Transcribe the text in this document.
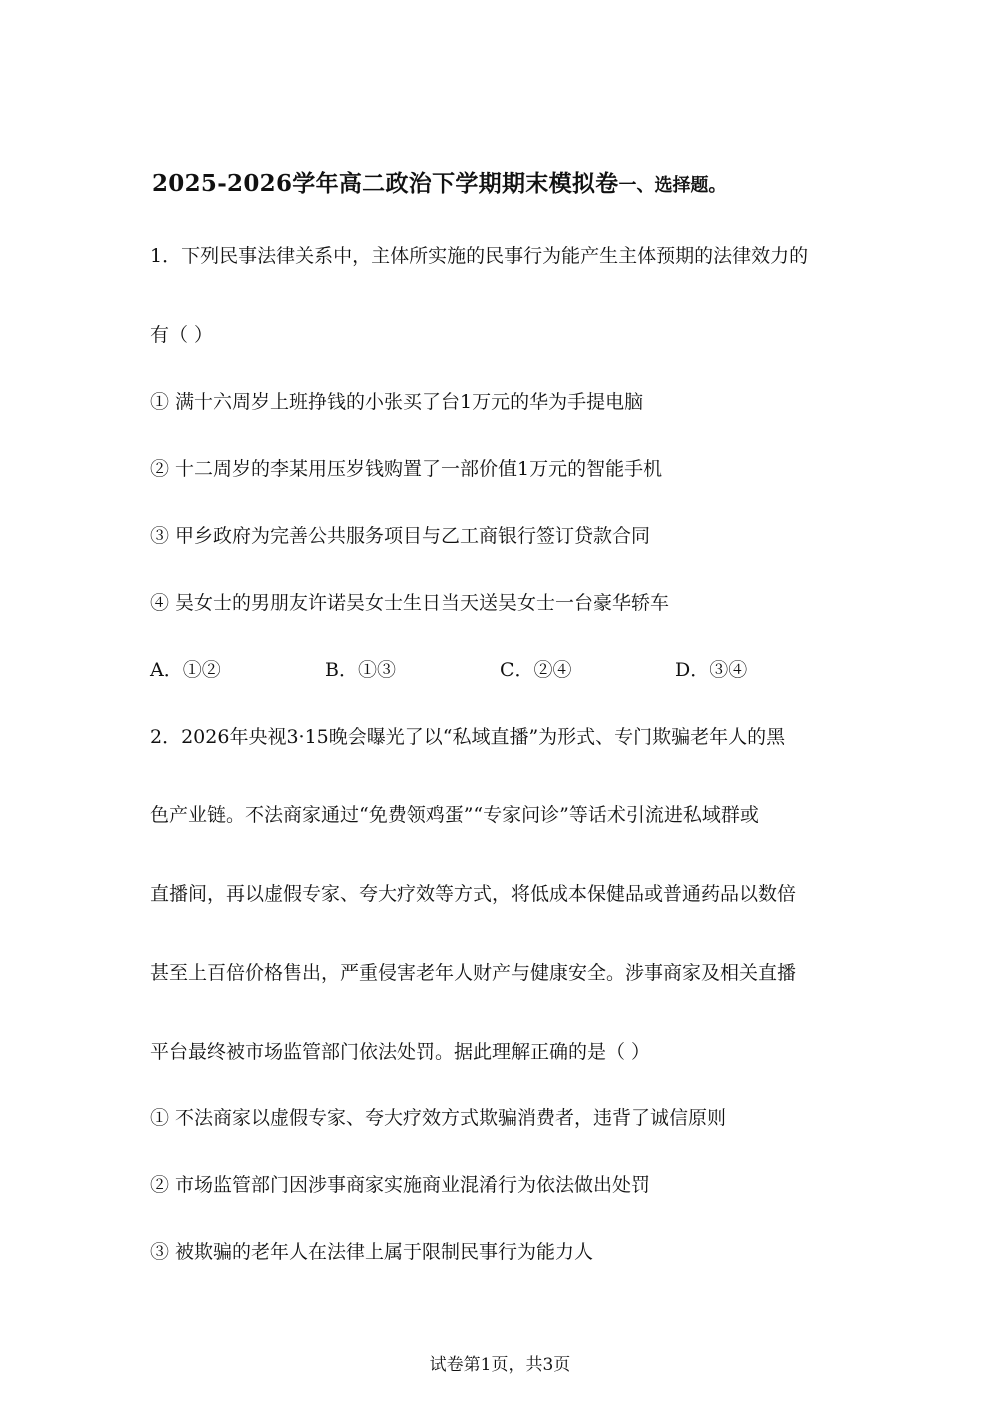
2025-2026学年高二政治下学期期末模拟卷一、选择题。
1．下列民事法律关系中，主体所实施的民事行为能产生主体预期的法律效力的
有（ ）
① 满十六周岁上班挣钱的小张买了台1万元的华为手提电脑
② 十二周岁的李某用压岁钱购置了一部价值1万元的智能手机
③ 甲乡政府为完善公共服务项目与乙工商银行签订贷款合同
④ 吴女士的男朋友许诺吴女士生日当天送吴女士一台豪华轿车
A．①②	B．①③	C．②④	D．③④
2．2026年央视3·15晚会曝光了以“私域直播”为形式、专门欺骗老年人的黑
色产业链。不法商家通过“免费领鸡蛋”“专家问诊”等话术引流进私域群或
直播间，再以虚假专家、夸大疗效等方式，将低成本保健品或普通药品以数倍
甚至上百倍价格售出，严重侵害老年人财产与健康安全。涉事商家及相关直播
平台最终被市场监管部门依法处罚。据此理解正确的是（ ）
① 不法商家以虚假专家、夸大疗效方式欺骗消费者，违背了诚信原则
② 市场监管部门因涉事商家实施商业混淆行为依法做出处罚
③ 被欺骗的老年人在法律上属于限制民事行为能力人
试卷第1页，共3页
